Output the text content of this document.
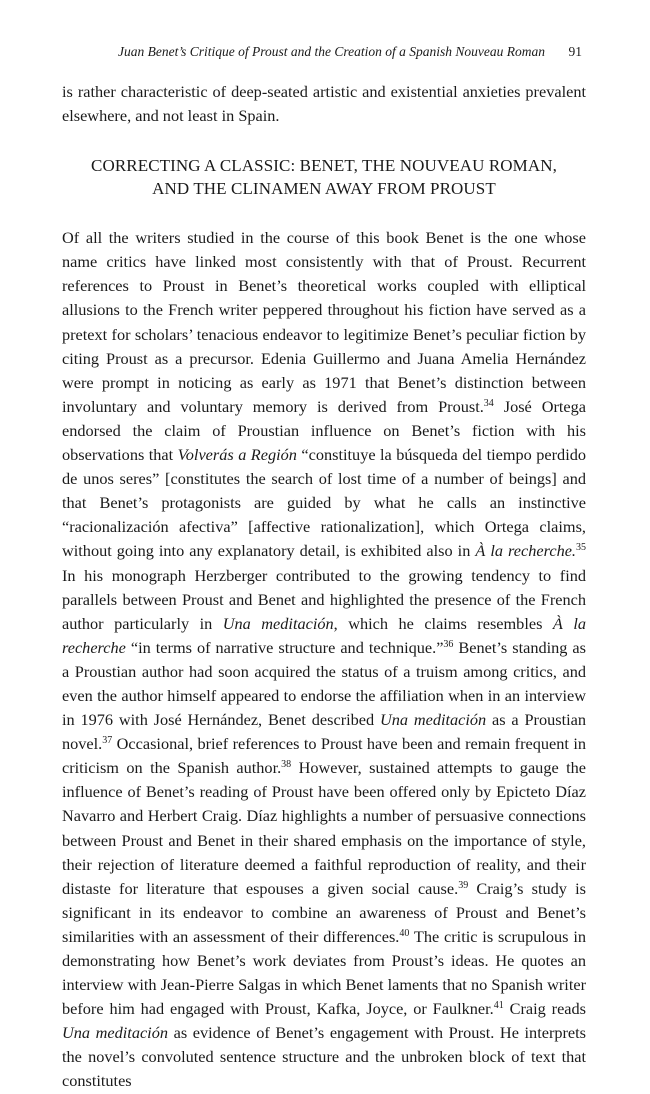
Juan Benet’s Critique of Proust and the Creation of a Spanish Nouveau Roman 91

is rather characteristic of deep-seated artistic and existential anxieties prevalent elsewhere, and not least in Spain.

CORRECTING A CLASSIC: BENET, THE NOUVEAU ROMAN,
AND THE CLINAMEN AWAY FROM PROUST

Of all the writers studied in the course of this book Benet is the one whose name critics have linked most consistently with that of Proust. Recurrent references to Proust in Benet’s theoretical works coupled with elliptical allusions to the French writer peppered throughout his fiction have served as a pretext for scholars’ tenacious endeavor to legitimize Benet’s peculiar fiction by citing Proust as a precursor. Edenia Guillermo and Juana Amelia Hernández were prompt in noticing as early as 1971 that Benet’s distinction between involuntary and voluntary memory is derived from Proust.$^{34}$ José Ortega endorsed the claim of Proustian influence on Benet’s fiction with his observations that Volverás a Región “constituye la búsqueda del tiempo perdido de unos seres” [constitutes the search of lost time of a number of beings] and that Benet’s protagonists are guided by what he calls an instinctive “racionalización afectiva” [affective rationalization], which Ortega claims, without going into any explanatory detail, is exhibited also in À la recherche.$^{35}$ In his monograph Herzberger contributed to the growing tendency to find parallels between Proust and Benet and highlighted the presence of the French author particularly in Una meditación, which he claims resembles À la recherche “in terms of narrative structure and technique.”$^{36}$ Benet’s standing as a Proustian author had soon acquired the status of a truism among critics, and even the author himself appeared to endorse the affiliation when in an interview in 1976 with José Hernández, Benet described Una meditación as a Proustian novel.$^{37}$ Occasional, brief references to Proust have been and remain frequent in criticism on the Spanish author.$^{38}$ However, sustained attempts to gauge the influence of Benet’s reading of Proust have been offered only by Epicteto Díaz Navarro and Herbert Craig. Díaz highlights a number of persuasive connections between Proust and Benet in their shared emphasis on the importance of style, their rejection of literature deemed a faithful reproduction of reality, and their distaste for literature that espouses a given social cause.$^{39}$ Craig’s study is significant in its endeavor to combine an awareness of Proust and Benet’s similarities with an assessment of their differences.$^{40}$ The critic is scrupulous in demonstrating how Benet’s work deviates from Proust’s ideas. He quotes an interview with Jean-Pierre Salgas in which Benet laments that no Spanish writer before him had engaged with Proust, Kafka, Joyce, or Faulkner.$^{41}$ Craig reads Una meditación as evidence of Benet’s engagement with Proust. He interprets the novel’s convoluted sentence structure and the unbroken block of text that constitutes
